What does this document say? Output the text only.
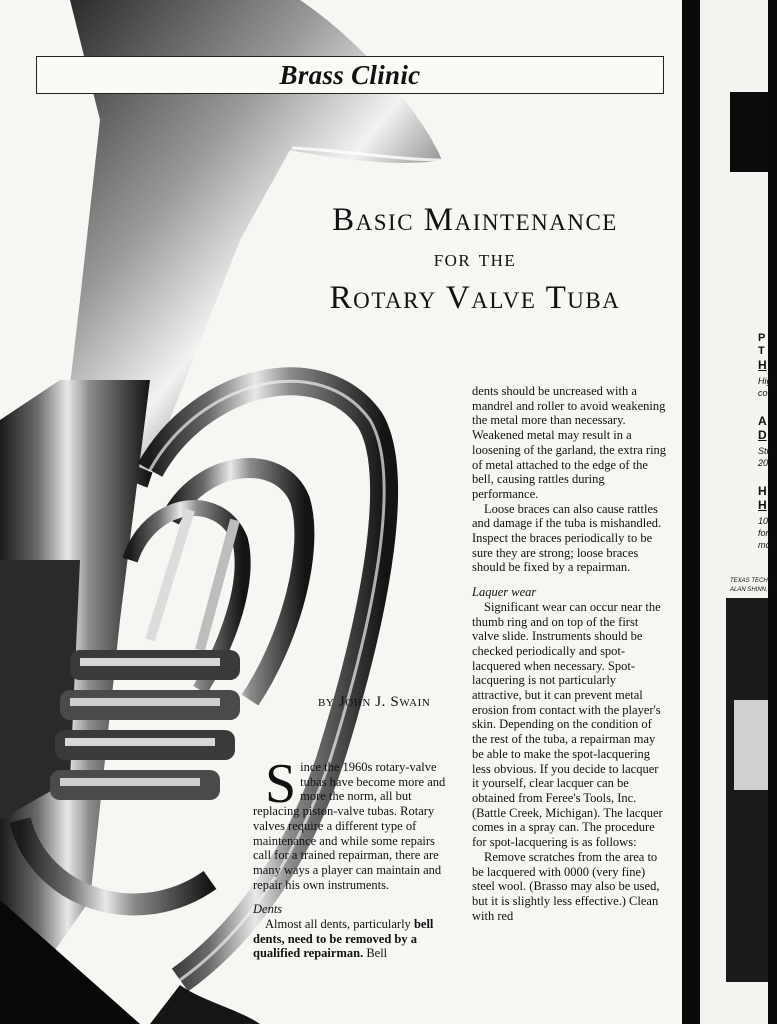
Brass Clinic
Basic Maintenance
for the
Rotary Valve Tuba
by John J. Swain

Since the 1960s rotary-valve tubas have become more and more the norm, all but replacing piston-valve tubas. Rotary valves require a different type of maintenance and while some repairs call for a trained repairman, there are many ways a player can maintain and repair his own instruments.

Dents

Almost all dents, particularly bell dents, need to be removed by a qualified repairman. Bell

dents should be uncreased with a mandrel and roller to avoid weakening the metal more than necessary. Weakened metal may result in a loosening of the garland, the extra ring of metal attached to the edge of the bell, causing rattles during performance.

Loose braces can also cause rattles and damage if the tuba is mishandled. Inspect the braces periodically to be sure they are strong; loose braces should be fixed by a repairman.

Laquer wear

Significant wear can occur near the thumb ring and on top of the first valve slide. Instruments should be checked periodically and spot-lacquered when necessary. Spot-lacquering is not particularly attractive, but it can prevent metal erosion from contact with the player's skin. Depending on the condition of the rest of the tuba, a repairman may be able to make the spot-lacquering less obvious. If you decide to lacquer it yourself, clear lacquer can be obtained from Feree's Tools, Inc. (Battle Creek, Michigan). The lacquer comes in a spray can. The procedure for spot-lacquering is as follows:

Remove scratches from the area to be lacquered with 0000 (very fine) steel wool. (Brasso may also be used, but it is slightly less effective.) Clean with red

P
T
H
Hig
co
A
D
Str
20
H
H
10
for
mo
TEXAS TECH U
ALAN SHINN, PE
